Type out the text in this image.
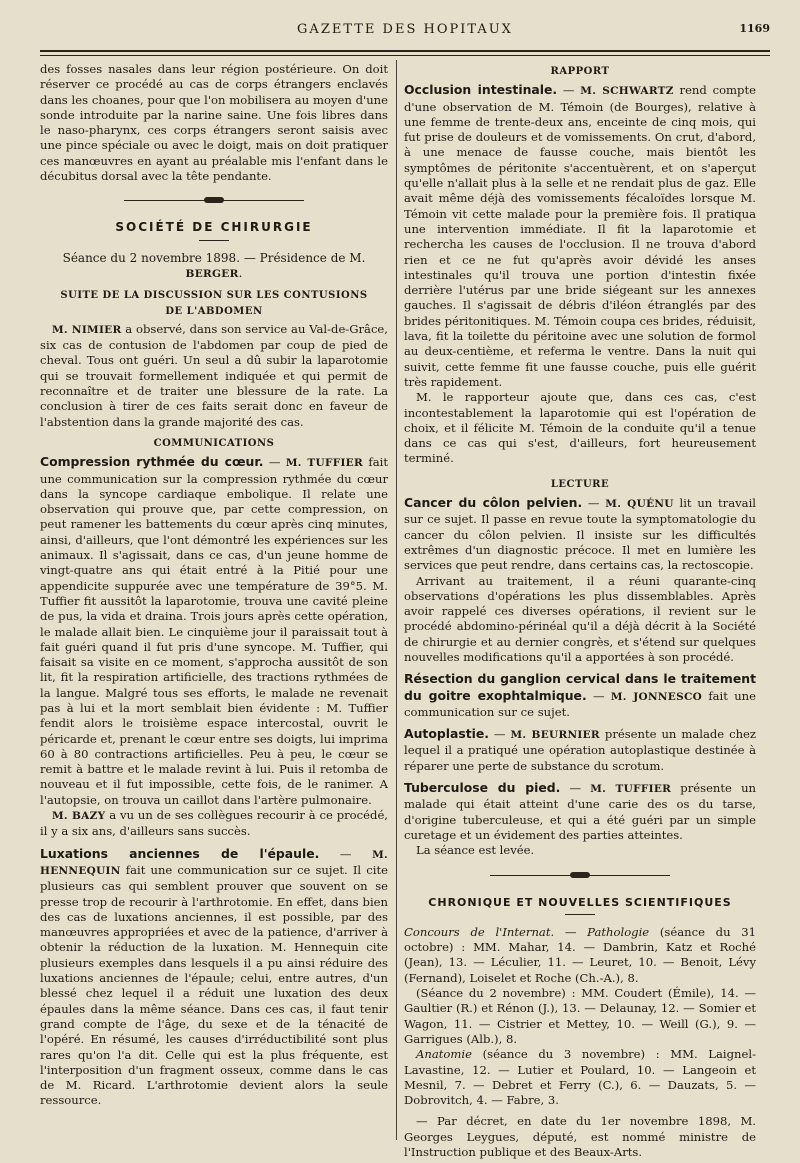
GAZETTE DES HOPITAUX	1169

des fosses nasales dans leur région postérieure. On doit réserver ce procédé au cas de corps étrangers enclavés dans les choanes, pour que l'on mobilisera au moyen d'une sonde introduite par la narine saine. Une fois libres dans le naso-pharynx, ces corps étrangers seront saisis avec une pince spéciale ou avec le doigt, mais on doit pratiquer ces manœuvres en ayant au préalable mis l'enfant dans le décubitus dorsal avec la tête pendante.

SOCIÉTÉ DE CHIRURGIE
Séance du 2 novembre 1898. — Présidence de M. BERGER.
SUITE DE LA DISCUSSION SUR LES CONTUSIONS
DE L'ABDOMEN

M. NIMIER a observé, dans son service au Val-de-Grâce, six cas de contusion de l'abdomen par coup de pied de cheval. Tous ont guéri. Un seul a dû subir la laparotomie qui se trouvait formellement indiquée et qui permit de reconnaître et de traiter une blessure de la rate. La conclusion à tirer de ces faits serait donc en faveur de l'abstention dans la grande majorité des cas.

COMMUNICATIONS

Compression rythmée du cœur. — M. TUFFIER fait une communication sur la compression rythmée du cœur dans la syncope cardiaque embolique. Il relate une observation qui prouve que, par cette compression, on peut ramener les battements du cœur après cinq minutes, ainsi, d'ailleurs, que l'ont démontré les expériences sur les animaux. Il s'agissait, dans ce cas, d'un jeune homme de vingt-quatre ans qui était entré à la Pitié pour une appendicite suppurée avec une température de 39°5. M. Tuffier fit aussitôt la laparotomie, trouva une cavité pleine de pus, la vida et draina. Trois jours après cette opération, le malade allait bien. Le cinquième jour il paraissait tout à fait guéri quand il fut pris d'une syncope. M. Tuffier, qui faisait sa visite en ce moment, s'approcha aussitôt de son lit, fit la respiration artificielle, des tractions rythmées de la langue. Malgré tous ses efforts, le malade ne revenait pas à lui et la mort semblait bien évidente : M. Tuffier fendit alors le troisième espace intercostal, ouvrit le péricarde et, prenant le cœur entre ses doigts, lui imprima 60 à 80 contractions artificielles. Peu à peu, le cœur se remit à battre et le malade revint à lui. Puis il retomba de nouveau et il fut impossible, cette fois, de le ranimer. A l'autopsie, on trouva un caillot dans l'artère pulmonaire.

M. BAZY a vu un de ses collègues recourir à ce procédé, il y a six ans, d'ailleurs sans succès.

Luxations anciennes de l'épaule. — M. HENNEQUIN fait une communication sur ce sujet. Il cite plusieurs cas qui semblent prouver que souvent on se presse trop de recourir à l'arthrotomie. En effet, dans bien des cas de luxations anciennes, il est possible, par des manœuvres appropriées et avec de la patience, d'arriver à obtenir la réduction de la luxation. M. Hennequin cite plusieurs exemples dans lesquels il a pu ainsi réduire des luxations anciennes de l'épaule; celui, entre autres, d'un blessé chez lequel il a réduit une luxation des deux épaules dans la même séance. Dans ces cas, il faut tenir grand compte de l'âge, du sexe et de la ténacité de l'opéré. En résumé, les causes d'irréductibilité sont plus rares qu'on l'a dit. Celle qui est la plus fréquente, est l'interposition d'un fragment osseux, comme dans le cas de M. Ricard. L'arthrotomie devient alors la seule ressource.

RAPPORT

Occlusion intestinale. — M. SCHWARTZ rend compte d'une observation de M. Témoin (de Bourges), relative à une femme de trente-deux ans, enceinte de cinq mois, qui fut prise de douleurs et de vomissements. On crut, d'abord, à une menace de fausse couche, mais bientôt les symptômes de péritonite s'accentuèrent, et on s'aperçut qu'elle n'allait plus à la selle et ne rendait plus de gaz. Elle avait même déjà des vomissements fécaloïdes lorsque M. Témoin vit cette malade pour la première fois. Il pratiqua une intervention immédiate. Il fit la laparotomie et rechercha les causes de l'occlusion. Il ne trouva d'abord rien et ce ne fut qu'après avoir dévidé les anses intestinales qu'il trouva une portion d'intestin fixée derrière l'utérus par une bride siégeant sur les annexes gauches. Il s'agissait de débris d'iléon étranglés par des brides péritonitiques. M. Témoin coupa ces brides, réduisit, lava, fit la toilette du péritoine avec une solution de formol au deux-centième, et referma le ventre. Dans la nuit qui suivit, cette femme fit une fausse couche, puis elle guérit très rapidement.

M. le rapporteur ajoute que, dans ces cas, c'est incontestablement la laparotomie qui est l'opération de choix, et il félicite M. Témoin de la conduite qu'il a tenue dans ce cas qui s'est, d'ailleurs, fort heureusement terminé.

LECTURE

Cancer du côlon pelvien. — M. QUÉNU lit un travail sur ce sujet. Il passe en revue toute la symptomatologie du cancer du côlon pelvien. Il insiste sur les difficultés extrêmes d'un diagnostic précoce. Il met en lumière les services que peut rendre, dans certains cas, la rectoscopie.

Arrivant au traitement, il a réuni quarante-cinq observations d'opérations les plus dissemblables. Après avoir rappelé ces diverses opérations, il revient sur le procédé abdomino-périnéal qu'il a déjà décrit à la Société de chirurgie et au dernier congrès, et s'étend sur quelques nouvelles modifications qu'il a apportées à son procédé.

Résection du ganglion cervical dans le traitement du goitre exophtalmique. — M. JONNESCO fait une communication sur ce sujet.

Autoplastie. — M. BEURNIER présente un malade chez lequel il a pratiqué une opération autoplastique destinée à réparer une perte de substance du scrotum.

Tuberculose du pied. — M. TUFFIER présente un malade qui était atteint d'une carie des os du tarse, d'origine tuberculeuse, et qui a été guéri par un simple curetage et un évidement des parties atteintes.

La séance est levée.

CHRONIQUE ET NOUVELLES SCIENTIFIQUES

Concours de l'Internat. — Pathologie (séance du 31 octobre) : MM. Mahar, 14. — Dambrin, Katz et Roché (Jean), 13. — Léculier, 11. — Leuret, 10. — Benoit, Lévy (Fernand), Loiselet et Roche (Ch.-A.), 8.

(Séance du 2 novembre) : MM. Coudert (Émile), 14. — Gaultier (R.) et Rénon (J.), 13. — Delaunay, 12. — Somier et Wagon, 11. — Cistrier et Mettey, 10. — Weill (G.), 9. — Garrigues (Alb.), 8.

Anatomie (séance du 3 novembre) : MM. Laignel-Lavastine, 12. — Lutier et Poulard, 10. — Langeoin et Mesnil, 7. — Debret et Ferry (C.), 6. — Dauzats, 5. — Dobrovitch, 4. — Fabre, 3.

— Par décret, en date du 1er novembre 1898, M. Georges Leygues, député, est nommé ministre de l'Instruction publique et des Beaux-Arts.
